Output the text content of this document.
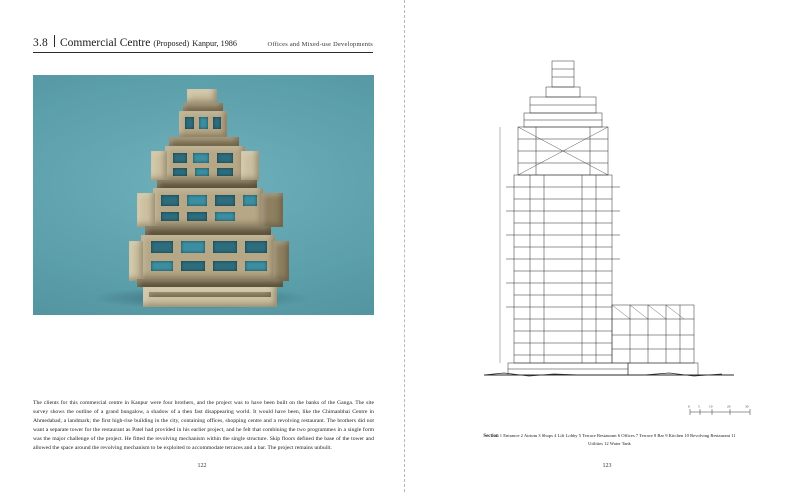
3.8 Commercial Centre (Proposed) Kanpur, 1986	Offices and Mixed-use Developments
The clients for this commercial centre in Kanpur were four brothers, and the project was to have been built on the banks of the Ganga. The site survey shows the outline of a grand bungalow, a shadow of a then fast disappearing world. It would have been, like the Chimanbhai Centre in Ahmedabad, a landmark; the first high-rise building in the city, containing offices, shopping centre and a revolving restaurant. The brothers did not want a separate tower for the restaurant as Patel had provided in his earlier project, and he felt that combining the two programmes in a single form was the major challenge of the project. He fitted the revolving mechanism within the single structure. Skip floors defined the base of the tower and allowed the space around the revolving mechanism to be exploited to accommodate terraces and a bar. The project remains unbuilt.
122
0 5	10	20	30
Section 1 Entrance 2 Atrium 3 Shops 4 Lift Lobby 5 Terrace Restaurant 6 Offices 7 Terrace 8 Bar 9 Kitchen 10 Revolving Restaurant 11 Utilities 12 Water Tank
123
